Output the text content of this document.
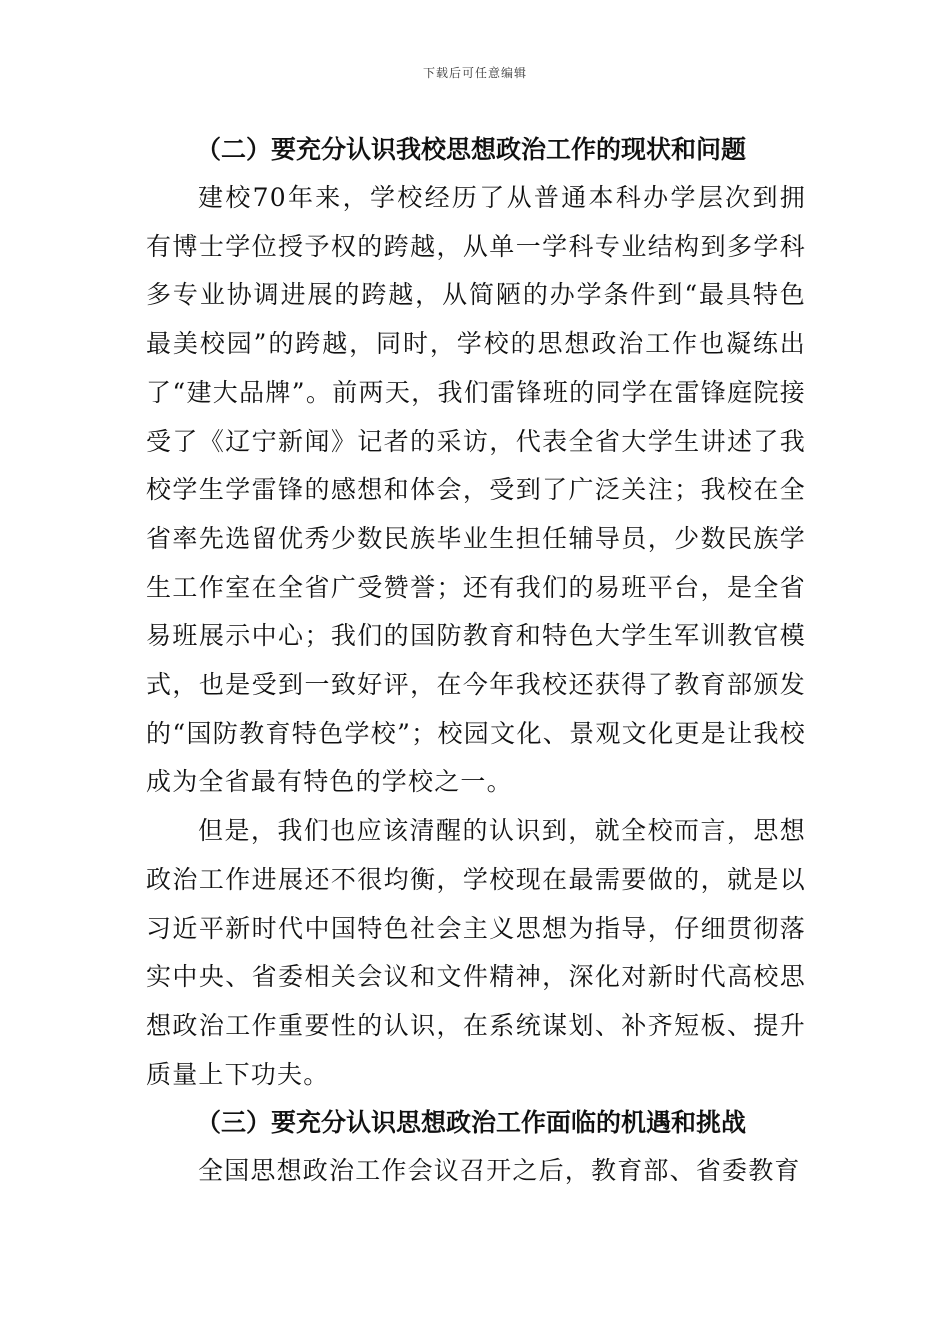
下载后可任意编辑
（二）要充分认识我校思想政治工作的现状和问题

建校70年来，学校经历了从普通本科办学层次到拥有博士学位授予权的跨越，从单一学科专业结构到多学科多专业协调进展的跨越，从简陋的办学条件到“最具特色最美校园”的跨越，同时，学校的思想政治工作也凝练出了“建大品牌”。前两天，我们雷锋班的同学在雷锋庭院接受了《辽宁新闻》记者的采访，代表全省大学生讲述了我校学生学雷锋的感想和体会，受到了广泛关注；我校在全省率先选留优秀少数民族毕业生担任辅导员，少数民族学生工作室在全省广受赞誉；还有我们的易班平台，是全省易班展示中心；我们的国防教育和特色大学生军训教官模式，也是受到一致好评，在今年我校还获得了教育部颁发的“国防教育特色学校”；校园文化、景观文化更是让我校成为全省最有特色的学校之一。

但是，我们也应该清醒的认识到，就全校而言，思想政治工作进展还不很均衡，学校现在最需要做的，就是以习近平新时代中国特色社会主义思想为指导，仔细贯彻落实中央、省委相关会议和文件精神，深化对新时代高校思想政治工作重要性的认识，在系统谋划、补齐短板、提升质量上下功夫。

（三）要充分认识思想政治工作面临的机遇和挑战

全国思想政治工作会议召开之后，教育部、省委教育
